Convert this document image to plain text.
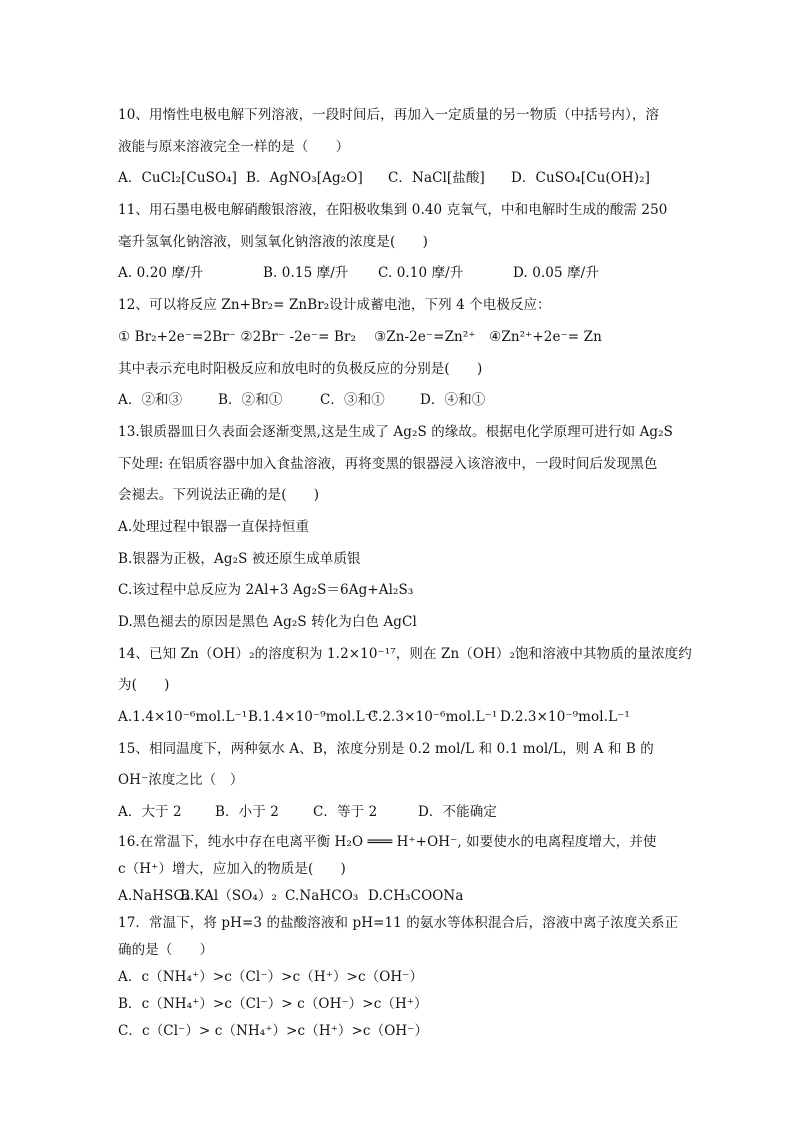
10、用惰性电极电解下列溶液，一段时间后，再加入一定质量的另一物质（中括号内），溶
液能与原来溶液完全一样的是（　　）
A．CuCl₂[CuSO₄] B．AgNO₃[Ag₂O]	C．NaCl[盐酸]	D．CuSO₄[Cu(OH)₂]
11、用石墨电极电解硝酸银溶液，在阳极收集到 0.40 克氧气，中和电解时生成的酸需 250
毫升氢氧化钠溶液，则氢氧化钠溶液的浓度是(　　)
A. 0.20 摩/升	B. 0.15 摩/升	C. 0.10 摩/升	D. 0.05 摩/升
12、可以将反应 Zn+Br₂= ZnBr₂设计成蓄电池，下列 4 个电极反应：
① Br₂+2e⁻=2Br⁻ ②2Br⁻ -2e⁻= Br₂　 ③Zn-2e⁻=Zn²⁺　④Zn²⁺+2e⁻= Zn
其中表示充电时阳极反应和放电时的负极反应的分别是(　　)
A．②和③	B．②和①	C．③和①	D．④和①
13.银质器皿日久表面会逐渐变黑,这是生成了 Ag₂S 的缘故。根据电化学原理可进行如 Ag₂S
下处理: 在铝质容器中加入食盐溶液，再将变黑的银器浸入该溶液中，一段时间后发现黑色
会褪去。下列说法正确的是(　　)
A.处理过程中银器一直保持恒重
B.银器为正极，Ag₂S 被还原生成单质银
C.该过程中总反应为 2Al+3 Ag₂S＝6Ag+Al₂S₃
D.黑色褪去的原因是黑色 Ag₂S 转化为白色 AgCl
14、已知 Zn（OH）₂的溶度积为 1.2×10⁻¹⁷，则在 Zn（OH）₂饱和溶液中其物质的量浓度约
为(　　)
A.1.4×10⁻⁶mol.L⁻¹ B.1.4×10⁻⁹mol.L⁻¹
C.2.3×10⁻⁶mol.L⁻¹ D.2.3×10⁻⁹mol.L⁻¹
15、相同温度下，两种氨水 A、B，浓度分别是 0.2 mol/L 和 0.1 mol/L，则 A 和 B 的
OH⁻浓度之比（　）
A．大于 2	B．小于 2	C．等于 2	D．不能确定
16.在常温下，纯水中存在电离平衡 H₂O ═══ H⁺+OH⁻, 如要使水的电离程度增大，并使
c（H⁺）增大，应加入的物质是(　　)
A.NaHSO₄
B.KAl（SO₄）₂ C.NaHCO₃ D.CH₃COONa
17．常温下，将 pH=3 的盐酸溶液和 pH=11 的氨水等体积混合后，溶液中离子浓度关系正
确的是（　　）
A．c（NH₄⁺）>c（Cl⁻）>c（H⁺）>c（OH⁻）
B．c（NH₄⁺）>c（Cl⁻）> c（OH⁻）>c（H⁺）
C．c（Cl⁻）> c（NH₄⁺）>c（H⁺）>c（OH⁻）
